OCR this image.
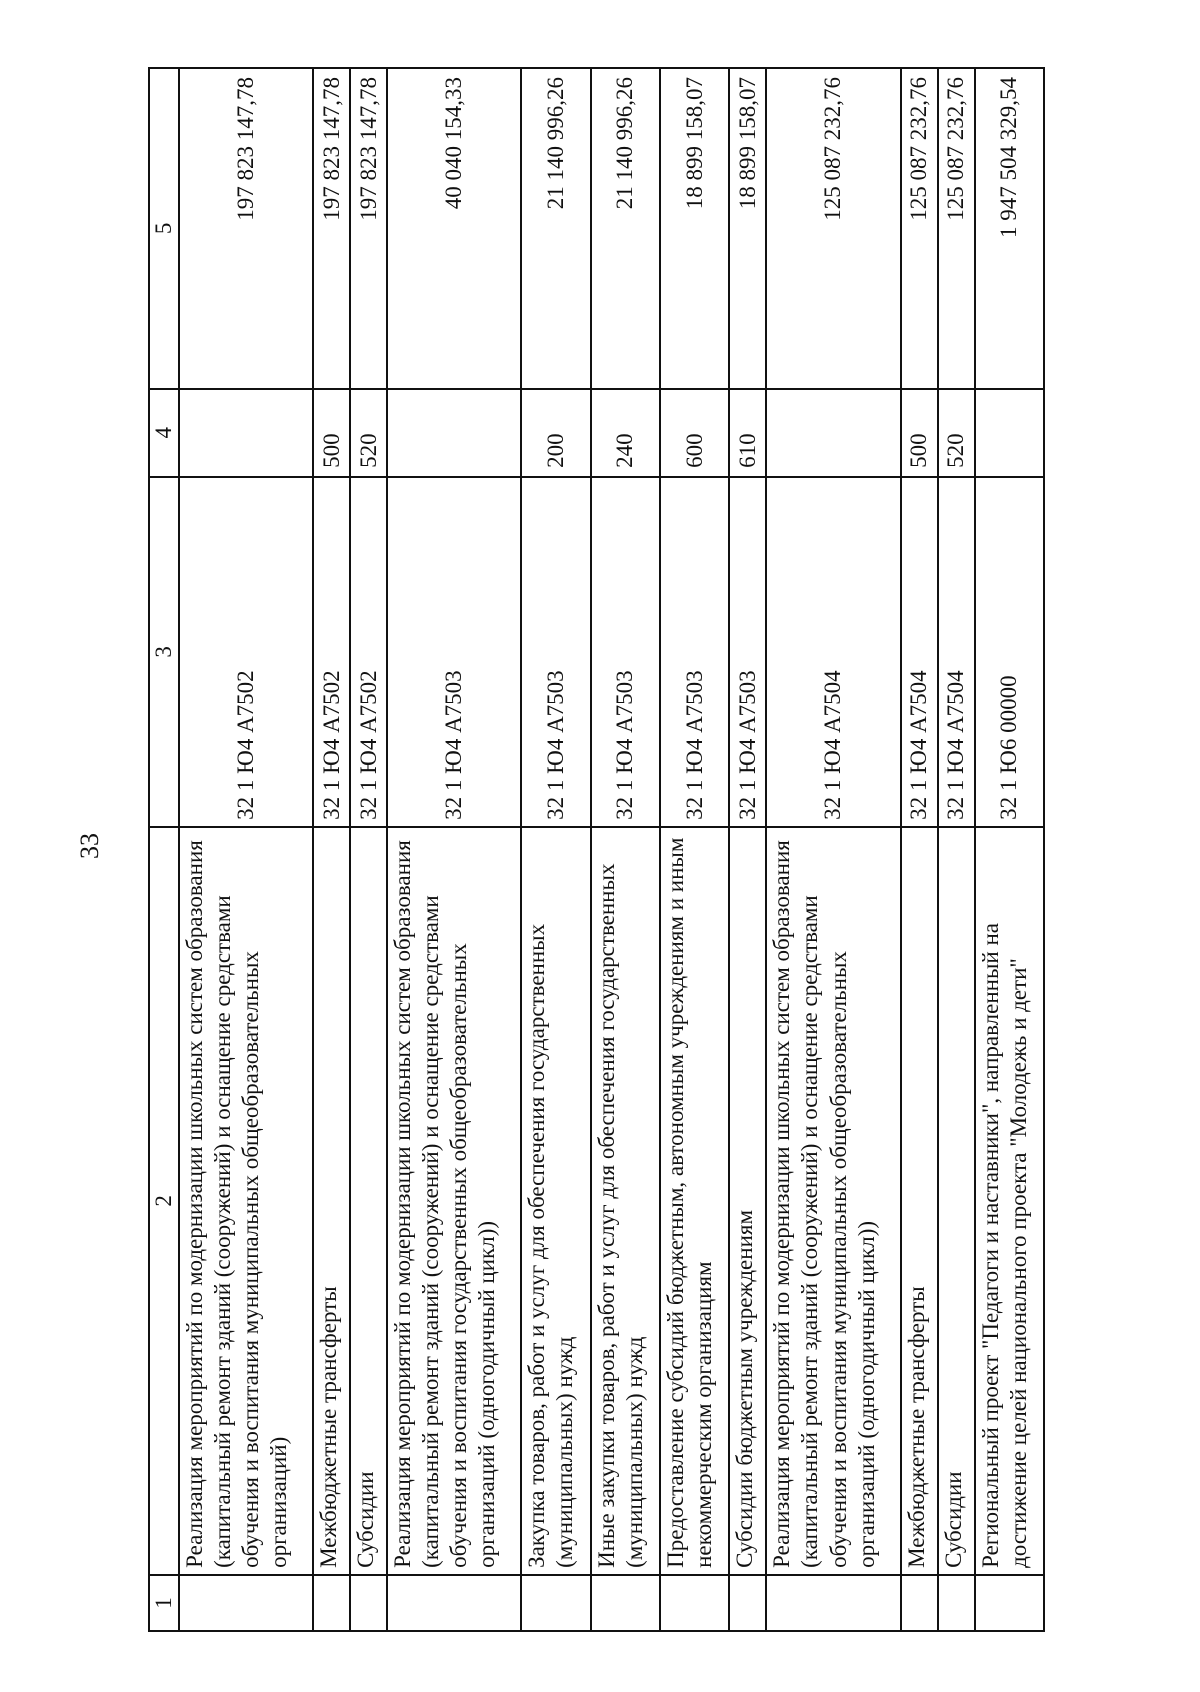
33
1	2	3	4	5
	Реализация мероприятий по модернизации школьных систем образования (капитальный ремонт зданий (сооружений) и оснащение средствами обучения и воспитания муниципальных общеобразовательных организаций)	32 1 Ю4 А7502		197 823 147,78
	Межбюджетные трансферты	32 1 Ю4 А7502	500	197 823 147,78
	Субсидии	32 1 Ю4 А7502	520	197 823 147,78
	Реализация мероприятий по модернизации школьных систем образования (капитальный ремонт зданий (сооружений) и оснащение средствами обучения и воспитания государственных общеобразовательных организаций (одногодичный цикл))	32 1 Ю4 А7503		40 040 154,33
	Закупка товаров, работ и услуг для обеспечения государственных (муниципальных) нужд	32 1 Ю4 А7503	200	21 140 996,26
	Иные закупки товаров, работ и услуг для обеспечения государственных (муниципальных) нужд	32 1 Ю4 А7503	240	21 140 996,26
	Предоставление субсидий бюджетным, автономным учреждениям и иным некоммерческим организациям	32 1 Ю4 А7503	600	18 899 158,07
	Субсидии бюджетным учреждениям	32 1 Ю4 А7503	610	18 899 158,07
	Реализация мероприятий по модернизации школьных систем образования (капитальный ремонт зданий (сооружений) и оснащение средствами обучения и воспитания муниципальных общеобразовательных организаций (одногодичный цикл))	32 1 Ю4 А7504		125 087 232,76
	Межбюджетные трансферты	32 1 Ю4 А7504	500	125 087 232,76
	Субсидии	32 1 Ю4 А7504	520	125 087 232,76
	Региональный проект "Педагоги и наставники", направленный на достижение целей национального проекта "Молодежь и дети"	32 1 Ю6 00000		1 947 504 329,54
